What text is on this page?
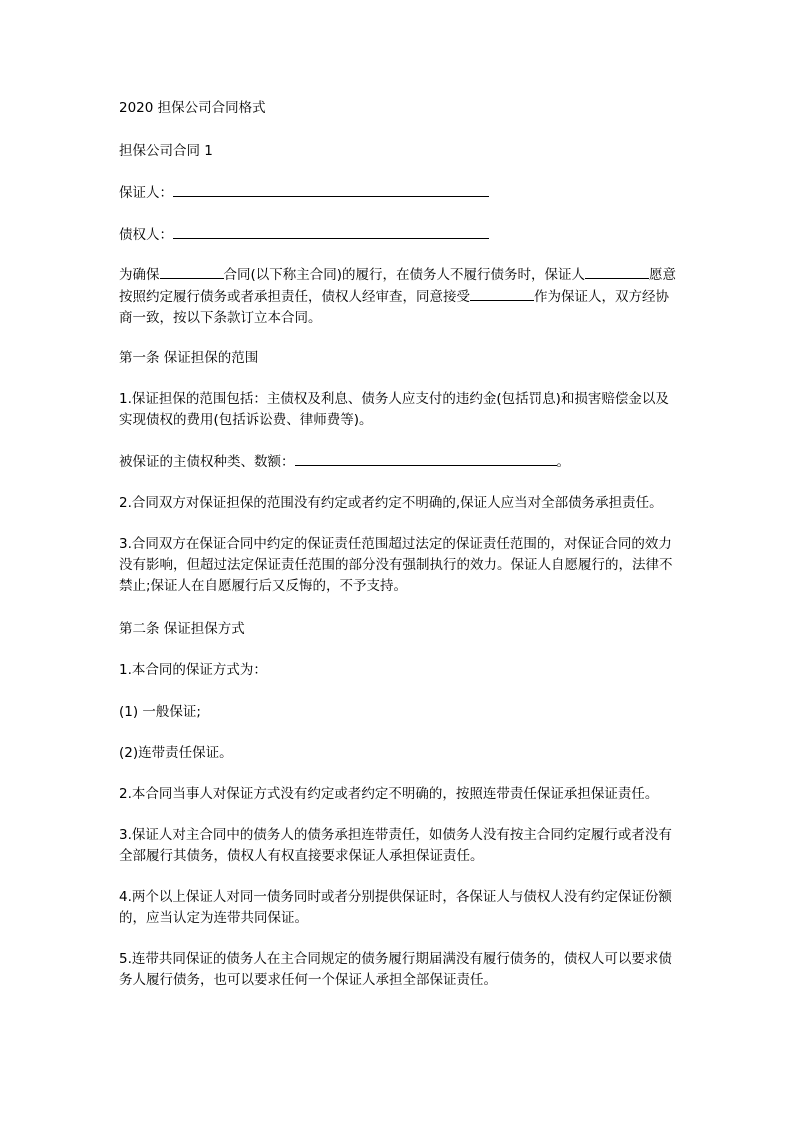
2020 担保公司合同格式
担保公司合同 1
保证人：
债权人：
为确保	合同(以下称主合同)的履行，在债务人不履行债务时，保证人	愿意按照约定履行债务或者承担责任，债权人经审查，同意接受	作为保证人，双方经协商一致，按以下条款订立本合同。
第一条 保证担保的范围
1.保证担保的范围包括：主债权及利息、债务人应支付的违约金(包括罚息)和损害赔偿金以及实现债权的费用(包括诉讼费、律师费等)。
被保证的主债权种类、数额：	。
2.合同双方对保证担保的范围没有约定或者约定不明确的,保证人应当对全部债务承担责任。
3.合同双方在保证合同中约定的保证责任范围超过法定的保证责任范围的，对保证合同的效力没有影响，但超过法定保证责任范围的部分没有强制执行的效力。保证人自愿履行的，法律不禁止;保证人在自愿履行后又反悔的，不予支持。
第二条 保证担保方式
1.本合同的保证方式为：
(1) 一般保证;
(2)连带责任保证。
2.本合同当事人对保证方式没有约定或者约定不明确的，按照连带责任保证承担保证责任。
3.保证人对主合同中的债务人的债务承担连带责任，如债务人没有按主合同约定履行或者没有全部履行其债务，债权人有权直接要求保证人承担保证责任。
4.两个以上保证人对同一债务同时或者分别提供保证时，各保证人与债权人没有约定保证份额的，应当认定为连带共同保证。
5.连带共同保证的债务人在主合同规定的债务履行期届满没有履行债务的，债权人可以要求债务人履行债务，也可以要求任何一个保证人承担全部保证责任。
